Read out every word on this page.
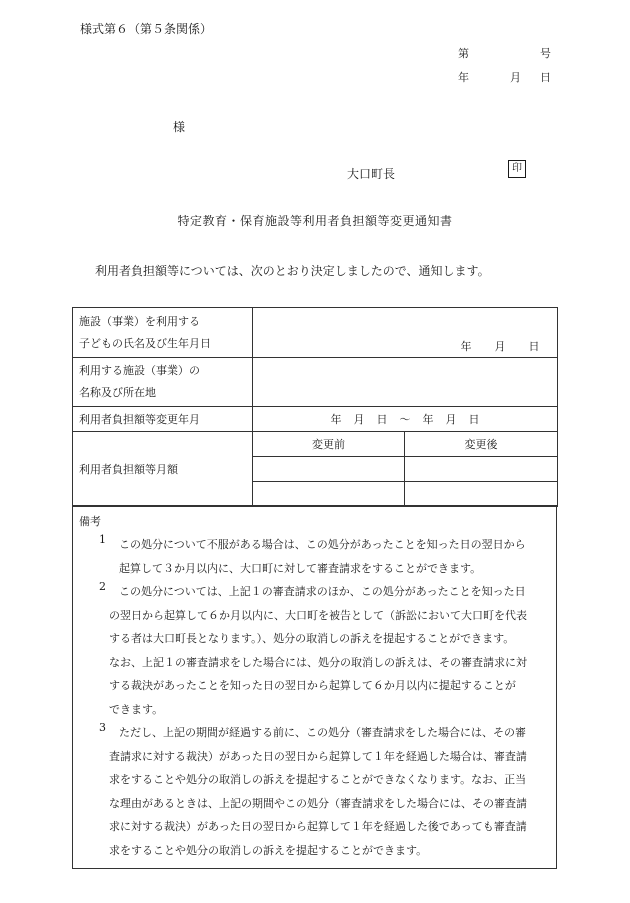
様式第６（第５条関係）
第	号
年	月 日
様
大口町長	印
特定教育・保育施設等利用者負担額等変更通知書
利用者負担額等については、次のとおり決定しましたので、通知します。
施設（事業）を利用する
子どもの氏名及び生年月日	年 月 日	

利用する施設（事業）の
名称及び所在地		

利用者負担額等変更年月	年 月 日 〜 年 月 日	
利用者負担額等月額	変更前	変更後

備考
1 この処分について不服がある場合は、この処分があったことを知った日の翌日から
起算して３か月以内に、大口町に対して審査請求をすることができます。
2 この処分については、上記１の審査請求のほか、この処分があったことを知った日
の翌日から起算して６か月以内に、大口町を被告として（訴訟において大口町を代表
する者は大口町長となります。）、処分の取消しの訴えを提起することができます。
なお、上記１の審査請求をした場合には、処分の取消しの訴えは、その審査請求に対
する裁決があったことを知った日の翌日から起算して６か月以内に提起することが
できます。
3 ただし、上記の期間が経過する前に、この処分（審査請求をした場合には、その審
査請求に対する裁決）があった日の翌日から起算して１年を経過した場合は、審査請
求をすることや処分の取消しの訴えを提起することができなくなります。なお、正当
な理由があるときは、上記の期間やこの処分（審査請求をした場合には、その審査請
求に対する裁決）があった日の翌日から起算して１年を経過した後であっても審査請
求をすることや処分の取消しの訴えを提起することができます。
